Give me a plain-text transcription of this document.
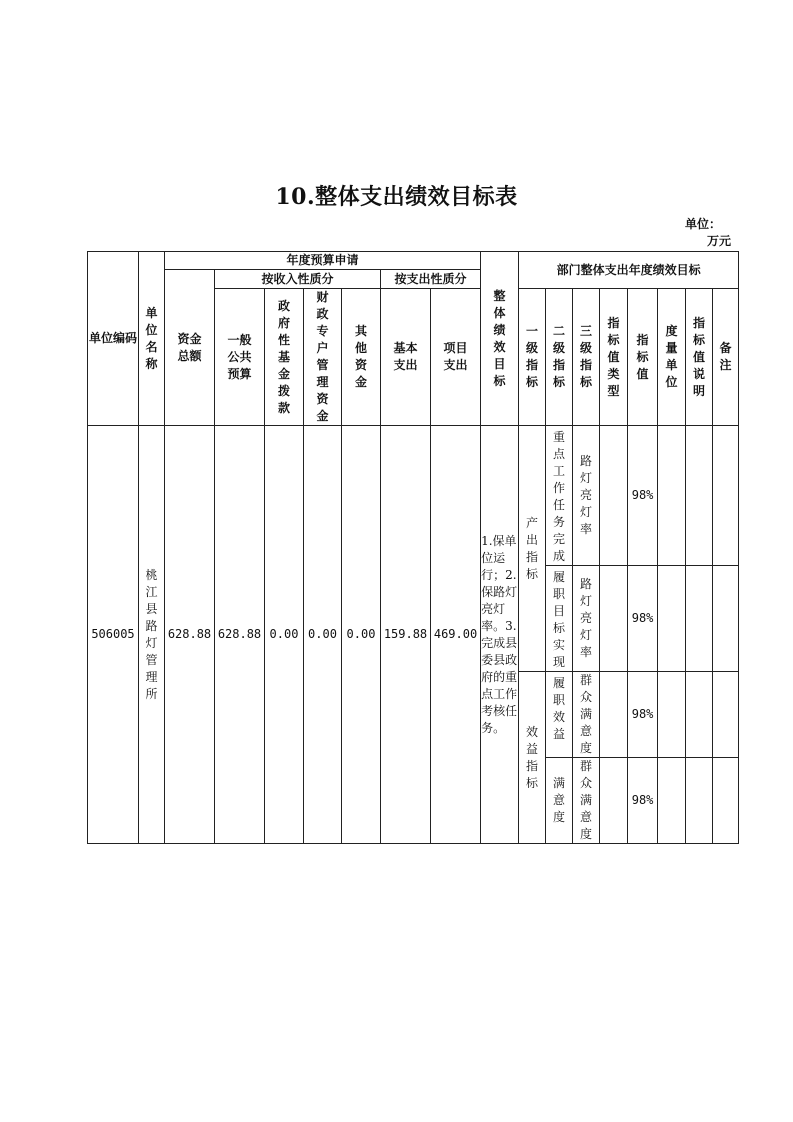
10.整体支出绩效目标表
单位：
万元
单位编码	单位名称	年度预算申请							整体绩效目标	部门整体支出年度绩效目标							
		资金总额	按收入性质分				按支出性质分										
			一般公共预算	政府性基金拨款	财政专户管理资金	其他资金	基本支出	项目支出		一级指标	二级指标	三级指标	指标值类型	指标值	度量单位	指标值说明	备注
506005	桃江县路灯管理所	628.88	628.88	0.00	0.00	0.00	159.88	469.00	1.保单位运行；2.保路灯亮灯率。3.完成县委县政府的重点工作考核任务。	产出指标	重点工作任务完成	路灯亮灯率		98%			
											履职目标实现	路灯亮灯率		98%			
										效益指标	履职效益	群众满意度		98%			
											满意度	群众满意度		98%			
